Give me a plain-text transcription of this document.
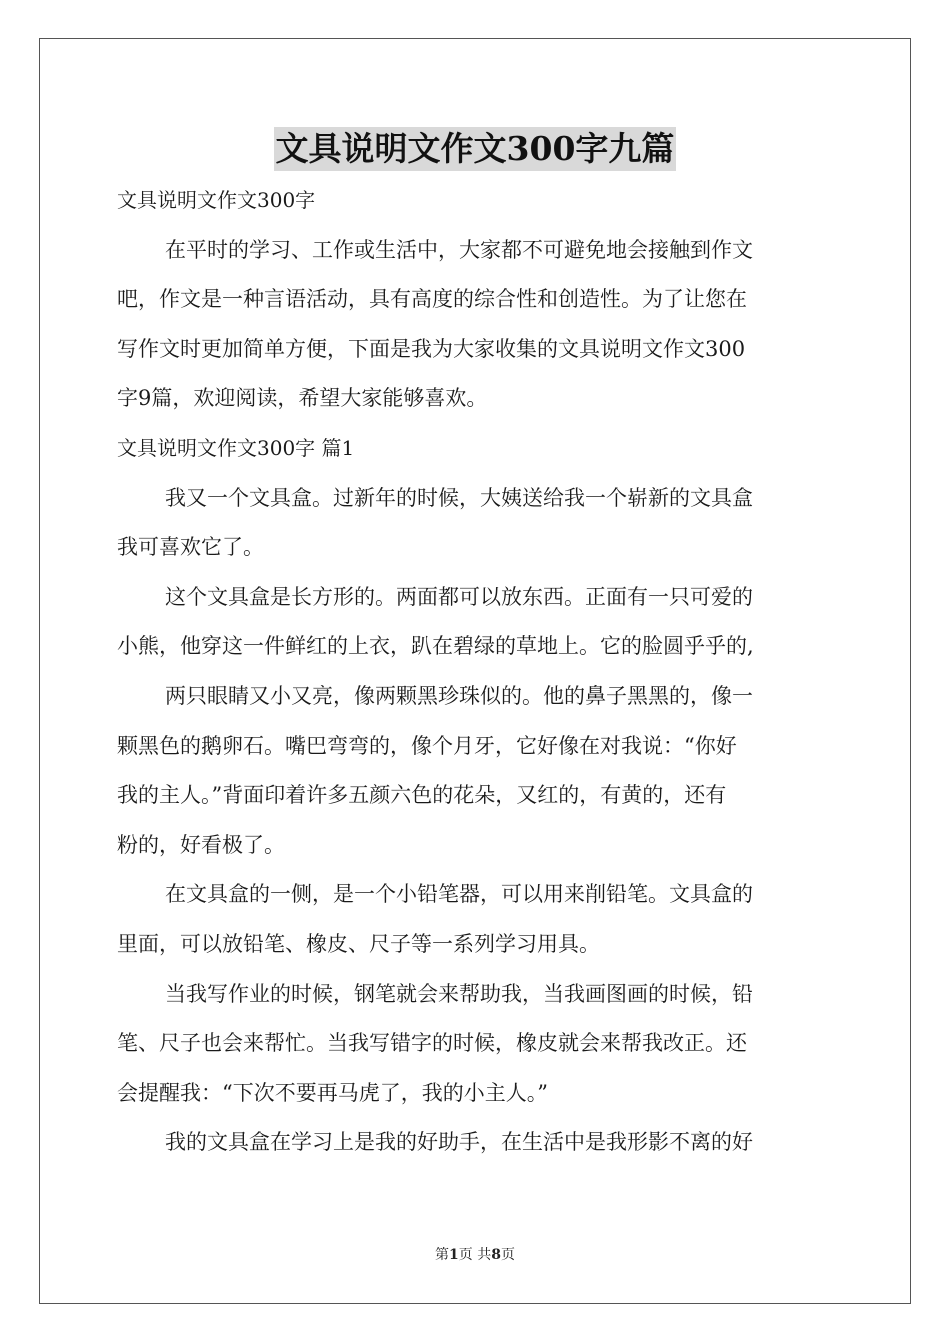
文具说明文作文300字九篇

文具说明文作文300字

在平时的学习、工作或生活中，大家都不可避免地会接触到作文

吧，作文是一种言语活动，具有高度的综合性和创造性。为了让您在

写作文时更加简单方便，下面是我为大家收集的文具说明文作文300

字9篇，欢迎阅读，希望大家能够喜欢。

文具说明文作文300字 篇1

我又一个文具盒。过新年的时候，大姨送给我一个崭新的文具盒

我可喜欢它了。

这个文具盒是长方形的。两面都可以放东西。正面有一只可爱的

小熊，他穿这一件鲜红的上衣，趴在碧绿的草地上。它的脸圆乎乎的,

两只眼睛又小又亮，像两颗黑珍珠似的。他的鼻子黑黑的，像一

颗黑色的鹅卵石。嘴巴弯弯的，像个月牙，它好像在对我说：“你好

我的主人。”背面印着许多五颜六色的花朵，又红的，有黄的，还有

粉的，好看极了。

在文具盒的一侧，是一个小铅笔器，可以用来削铅笔。文具盒的

里面，可以放铅笔、橡皮、尺子等一系列学习用具。

当我写作业的时候，钢笔就会来帮助我，当我画图画的时候，铅

笔、尺子也会来帮忙。当我写错字的时候，橡皮就会来帮我改正。还

会提醒我：“下次不要再马虎了，我的小主人。”

我的文具盒在学习上是我的好助手，在生活中是我形影不离的好

第1页 共8页
